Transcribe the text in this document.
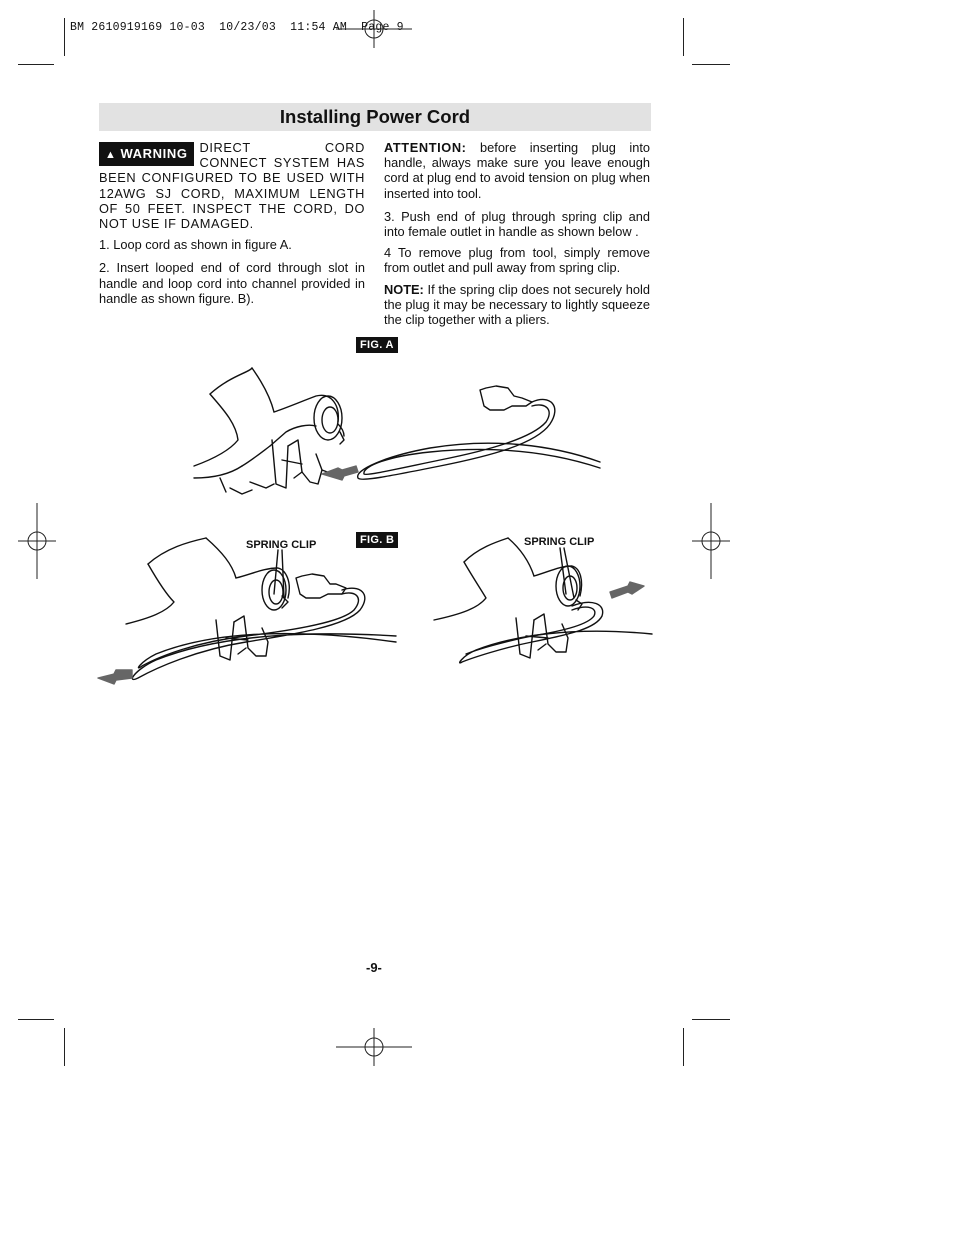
BM 2610919169 10-03  10/23/03  11:54 AM  Page 9
Installing Power Cord

▲ WARNING DIRECT CORD CONNECT SYSTEM HAS BEEN CONFIGURED TO BE USED WITH 12AWG SJ CORD, MAXIMUM LENGTH OF 50 FEET. INSPECT THE CORD, DO NOT USE IF DAMAGED.

1. Loop cord as shown in figure A.

2. Insert looped end of cord through slot in handle and loop cord into channel provided in handle as shown figure. B).

ATTENTION: before inserting plug into handle, always make sure you leave enough cord at plug end to avoid tension on plug when inserted into tool.

3. Push end of plug through spring clip and into female outlet in handle as shown below .

4 To remove plug from tool, simply remove from outlet and pull away from spring clip.

NOTE: If the spring clip does not securely hold the plug it may be necessary to lightly squeeze the clip together with a pliers.

FIG. A
FIG. B
SPRING CLIP	SPRING CLIP
-9-
